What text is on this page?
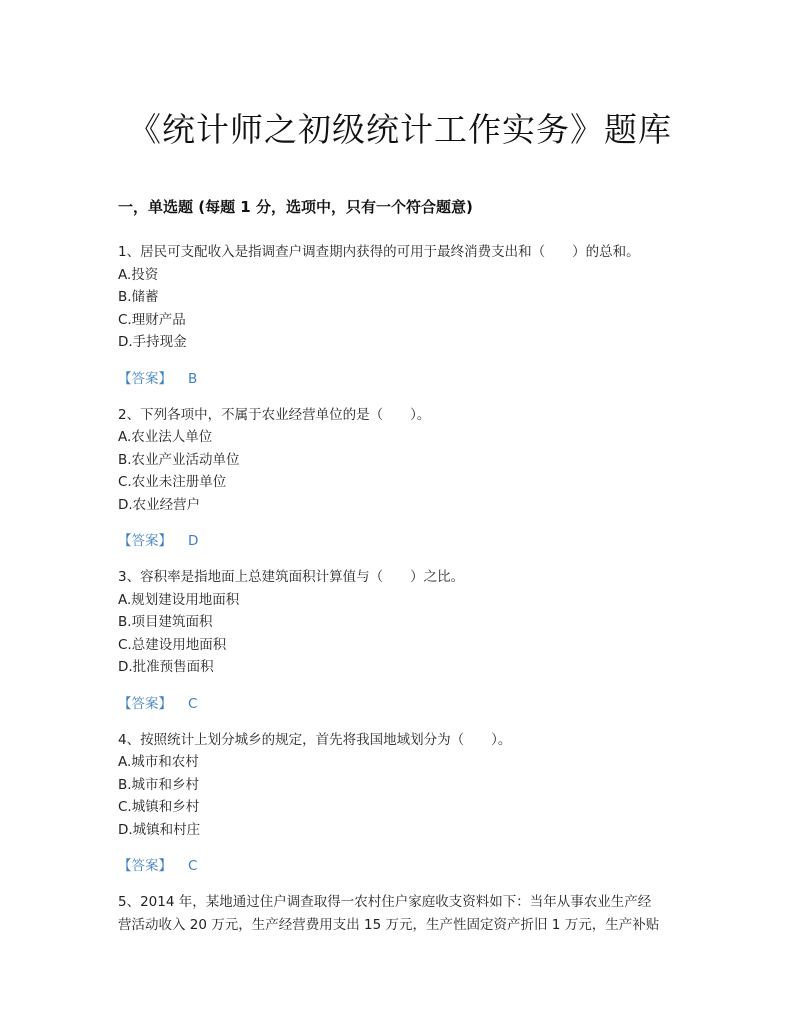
《统计师之初级统计工作实务》题库
一，单选题 (每题 1 分，选项中，只有一个符合题意)
1、居民可支配收入是指调查户调查期内获得的可用于最终消费支出和（　　）的总和。
A.投资
B.储蓄
C.理财产品
D.手持现金
【答案】 B
2、下列各项中，不属于农业经营单位的是（　　）。
A.农业法人单位
B.农业产业活动单位
C.农业未注册单位
D.农业经营户
【答案】 D
3、容积率是指地面上总建筑面积计算值与（　　）之比。
A.规划建设用地面积
B.项目建筑面积
C.总建设用地面积
D.批准预售面积
【答案】 C
4、按照统计上划分城乡的规定，首先将我国地域划分为（　　）。
A.城市和农村
B.城市和乡村
C.城镇和乡村
D.城镇和村庄
【答案】 C
5、2014 年，某地通过住户调查取得一农村住户家庭收支资料如下：当年从事农业生产经
营活动收入 20 万元，生产经营费用支出 15 万元，生产性固定资产折旧 1 万元，生产补贴
